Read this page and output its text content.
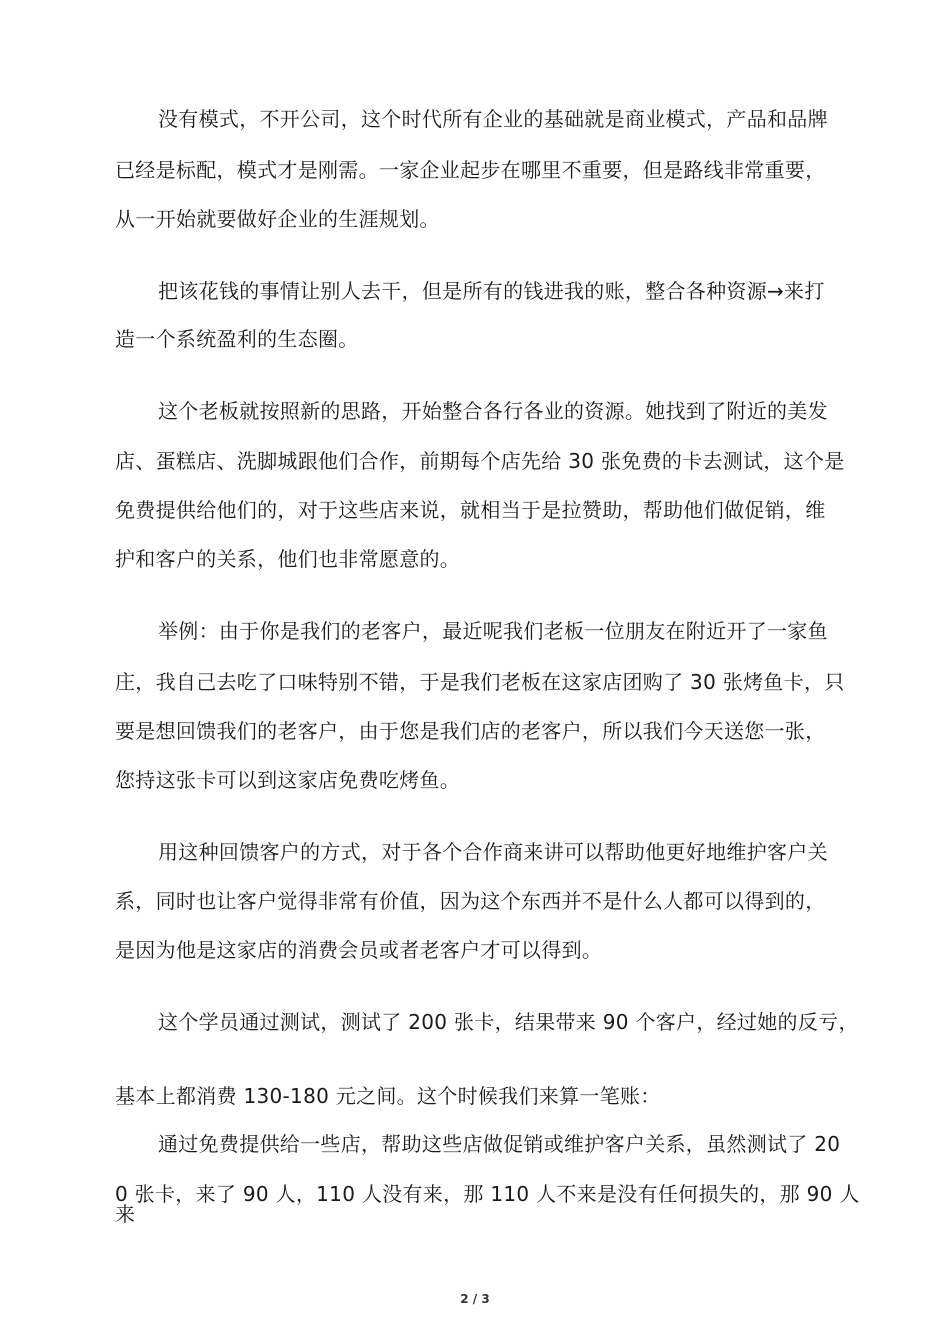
没有模式，不开公司，这个时代所有企业的基础就是商业模式，产品和品牌
已经是标配，模式才是刚需。一家企业起步在哪里不重要，但是路线非常重要，
从一开始就要做好企业的生涯规划。
把该花钱的事情让别人去干，但是所有的钱进我的账，整合各种资源→来打
造一个系统盈利的生态圈。
这个老板就按照新的思路，开始整合各行各业的资源。她找到了附近的美发
店、蛋糕店、洗脚城跟他们合作，前期每个店先给 30 张免费的卡去测试，这个是
免费提供给他们的，对于这些店来说，就相当于是拉赞助，帮助他们做促销，维
护和客户的关系，他们也非常愿意的。
举例：由于你是我们的老客户，最近呢我们老板一位朋友在附近开了一家鱼
庄，我自己去吃了口味特别不错，于是我们老板在这家店团购了 30 张烤鱼卡，只
要是想回馈我们的老客户，由于您是我们店的老客户，所以我们今天送您一张，
您持这张卡可以到这家店免费吃烤鱼。
用这种回馈客户的方式，对于各个合作商来讲可以帮助他更好地维护客户关
系，同时也让客户觉得非常有价值，因为这个东西并不是什么人都可以得到的，
是因为他是这家店的消费会员或者老客户才可以得到。
这个学员通过测试，测试了 200 张卡，结果带来 90 个客户，经过她的反亏，
基本上都消费 130-180 元之间。这个时候我们来算一笔账：
通过免费提供给一些店，帮助这些店做促销或维护客户关系，虽然测试了 20
0 张卡，来了 90 人，110 人没有来，那 110 人不来是没有任何损失的，那 90 人来
2 / 3
